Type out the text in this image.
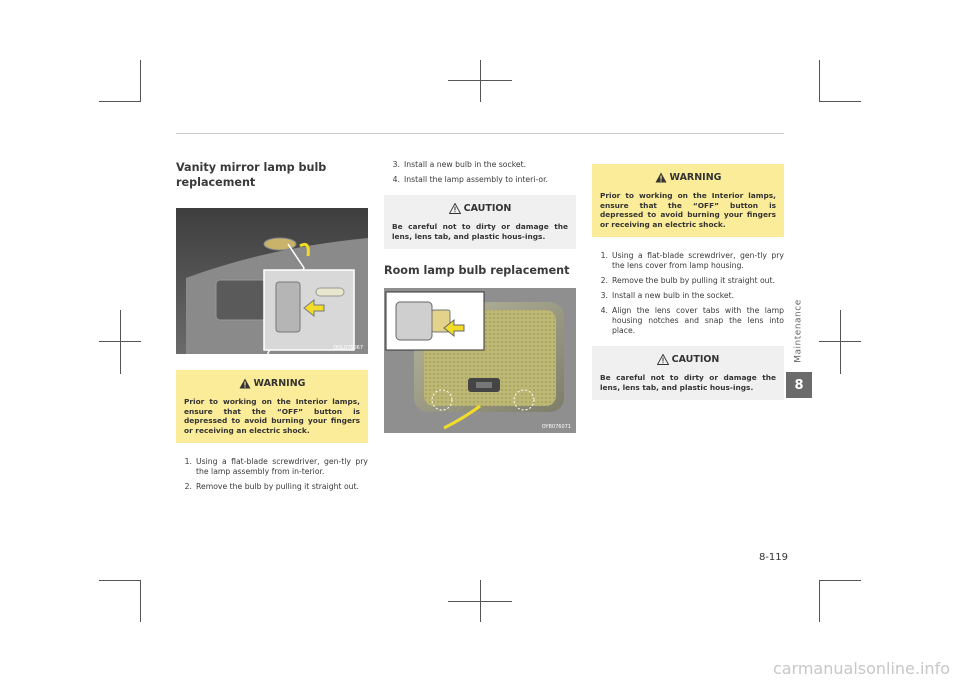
Vanity mirror lamp bulb replacement
OQL075067
WARNING
Prior to working on the Interior lamps, ensure that the “OFF” button is depressed to avoid burning your fingers or receiving an electric shock.
1. Using a flat-blade screwdriver, gen-tly pry the lamp assembly from in-terior.
2. Remove the bulb by pulling it straight out.
3. Install a new bulb in the socket.
4. Install the lamp assembly to interi-or.
CAUTION
Be careful not to dirty or damage the lens, lens tab, and plastic hous-ings.
Room lamp bulb replacement
OYB076071
WARNING
Prior to working on the Interior lamps, ensure that the “OFF” button is depressed to avoid burning your fingers or receiving an electric shock.
1. Using a flat-blade screwdriver, gen-tly pry the lens cover from lamp housing.
2. Remove the bulb by pulling it straight out.
3. Install a new bulb in the socket.
4. Align the lens cover tabs with the lamp housing notches and snap the lens into place.
CAUTION
Be careful not to dirty or damage the lens, lens tab, and plastic hous-ings.
Maintenance
8
8-119
carmanualsonline.info
